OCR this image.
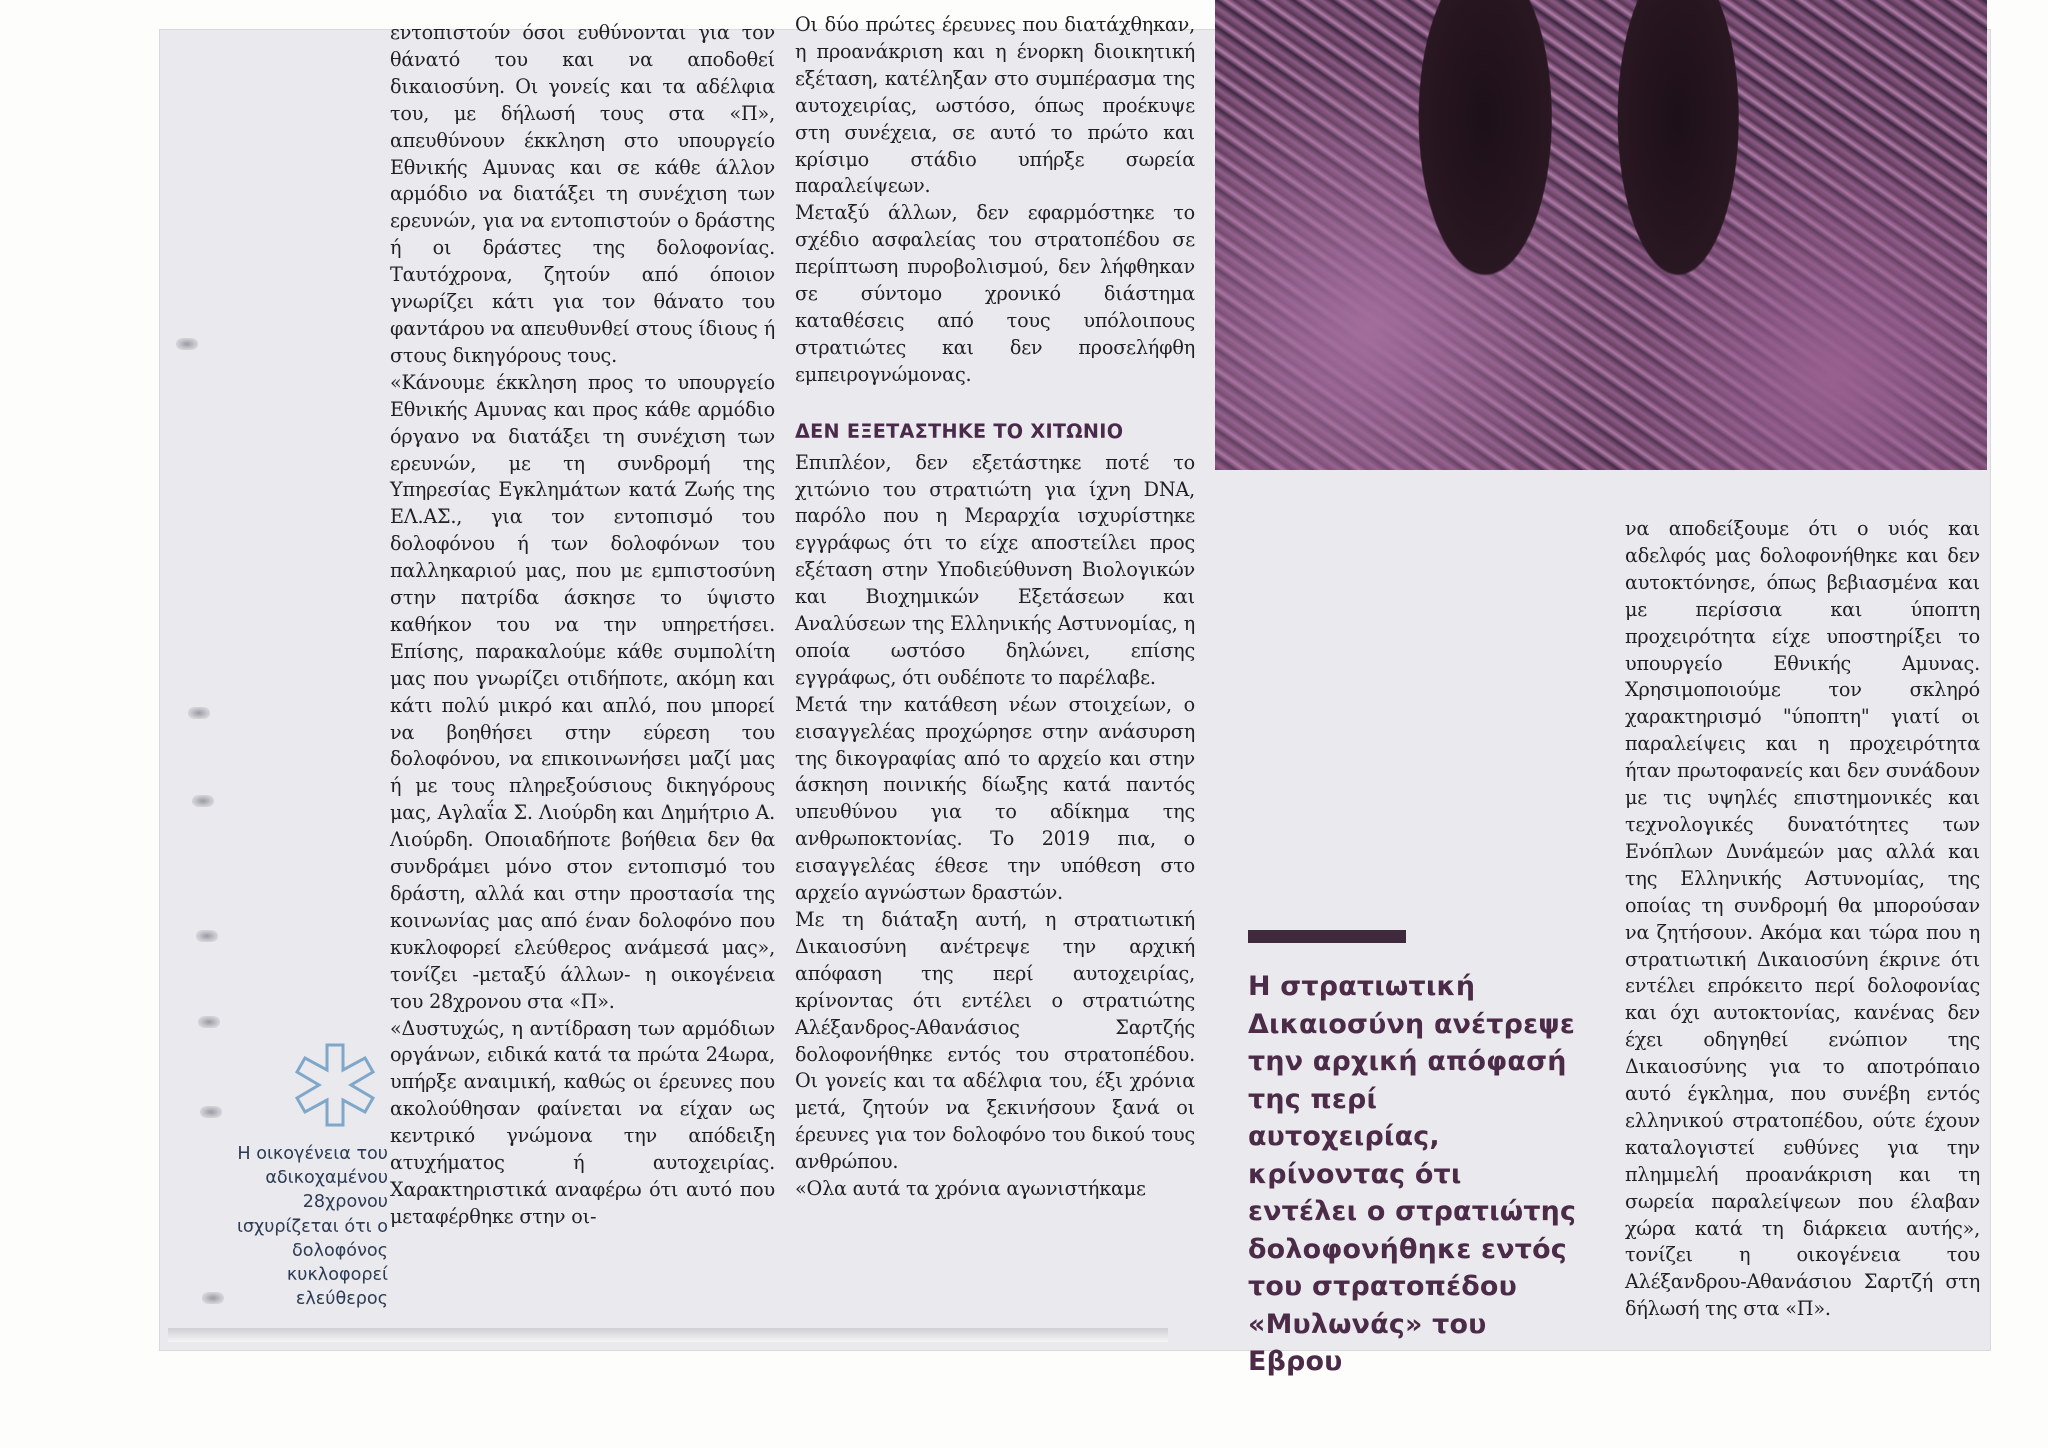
εντοπιστούν όσοι ευθύνονται για τον θάνατό του και να αποδοθεί δικαιοσύνη. Οι γονείς και τα αδέλφια του, με δήλωσή τους στα «Π», απευθύνουν έκκληση στο υπουργείο Εθνικής Αμυνας και σε κάθε άλλον αρμόδιο να διατάξει τη συνέχιση των ερευνών, για να εντοπιστούν ο δράστης ή οι δράστες της δολοφονίας. Ταυτόχρονα, ζητούν από όποιον γνωρίζει κάτι για τον θάνατο του φαντάρου να απευθυνθεί στους ίδιους ή στους δικηγόρους τους.

«Κάνουμε έκκληση προς το υπουργείο Εθνικής Αμυνας και προς κάθε αρμόδιο όργανο να διατάξει τη συνέχιση των ερευνών, με τη συνδρομή της Υπηρεσίας Εγκλημάτων κατά Ζωής της ΕΛ.ΑΣ., για τον εντοπισμό του δολοφόνου ή των δολοφόνων του παλληκαριού μας, που με εμπιστοσύνη στην πατρίδα άσκησε το ύψιστο καθήκον του να την υπηρετήσει. Επίσης, παρακαλούμε κάθε συμπολίτη μας που γνωρίζει οτιδήποτε, ακόμη και κάτι πολύ μικρό και απλό, που μπορεί να βοηθήσει στην εύρεση του δολοφόνου, να επικοινωνήσει μαζί μας ή με τους πληρεξούσιους δικηγόρους μας, Αγλαΐα Σ. Λιούρδη και Δημήτριο Α. Λιούρδη. Οποιαδήποτε βοήθεια δεν θα συνδράμει μόνο στον εντοπισμό του δράστη, αλλά και στην προστασία της κοινωνίας μας από έναν δολοφόνο που κυκλοφορεί ελεύθερος ανάμεσά μας», τονίζει -μεταξύ άλλων- η οικογένεια του 28χρονου στα «Π».

«Δυστυχώς, η αντίδραση των αρμόδιων οργάνων, ειδικά κατά τα πρώτα 24ωρα, υπήρξε αναιμική, καθώς οι έρευνες που ακολούθησαν φαίνεται να είχαν ως κεντρικό γνώμονα την απόδειξη ατυχήματος ή αυτοχειρίας. Χαρακτηριστικά αναφέρω ότι αυτό που μεταφέρθηκε στην οι-

Οι δύο πρώτες έρευνες που διατάχθηκαν, η προανάκριση και η ένορκη διοικητική εξέταση, κατέληξαν στο συμπέρασμα της αυτοχειρίας, ωστόσο, όπως προέκυψε στη συνέχεια, σε αυτό το πρώτο και κρίσιμο στάδιο υπήρξε σωρεία παραλείψεων.

Μεταξύ άλλων, δεν εφαρμόστηκε το σχέδιο ασφαλείας του στρατοπέδου σε περίπτωση πυροβολισμού, δεν λήφθηκαν σε σύντομο χρονικό διάστημα καταθέσεις από τους υπόλοιπους στρατιώτες και δεν προσελήφθη εμπειρογνώμονας.

ΔΕΝ ΕΞΕΤΑΣΤΗΚΕ ΤΟ ΧΙΤΩΝΙΟ

Επιπλέον, δεν εξετάστηκε ποτέ το χιτώνιο του στρατιώτη για ίχνη DNA, παρόλο που η Μεραρχία ισχυρίστηκε εγγράφως ότι το είχε αποστείλει προς εξέταση στην Υποδιεύθυνση Βιολογικών και Βιοχημικών Εξετάσεων και Αναλύσεων της Ελληνικής Αστυνομίας, η οποία ωστόσο δηλώνει, επίσης εγγράφως, ότι ουδέποτε το παρέλαβε.

Μετά την κατάθεση νέων στοιχείων, ο εισαγγελέας προχώρησε στην ανάσυρση της δικογραφίας από το αρχείο και στην άσκηση ποινικής δίωξης κατά παντός υπευθύνου για το αδίκημα της ανθρωποκτονίας. Το 2019 πια, ο εισαγγελέας έθεσε την υπόθεση στο αρχείο αγνώστων δραστών.

Με τη διάταξη αυτή, η στρατιωτική Δικαιοσύνη ανέτρεψε την αρχική απόφαση της περί αυτοχειρίας, κρίνοντας ότι εντέλει ο στρατιώτης Αλέξανδρος-Αθανάσιος Σαρτζής δολοφονήθηκε εντός του στρατοπέδου. Οι γονείς και τα αδέλφια του, έξι χρόνια μετά, ζητούν να ξεκινήσουν ξανά οι έρευνες για τον δολοφόνο του δικού τους ανθρώπου.

«Ολα αυτά τα χρόνια αγωνιστήκαμε

να αποδείξουμε ότι ο υιός και αδελφός μας δολοφονήθηκε και δεν αυτοκτόνησε, όπως βεβιασμένα και με περίσσια και ύποπτη προχειρότητα είχε υποστηρίξει το υπουργείο Εθνικής Αμυνας. Χρησιμοποιούμε τον σκληρό χαρακτηρισμό "ύποπτη" γιατί οι παραλείψεις και η προχειρότητα ήταν πρωτοφανείς και δεν συνάδουν με τις υψηλές επιστημονικές και τεχνολογικές δυνατότητες των Ενόπλων Δυνάμεών μας αλλά και της Ελληνικής Αστυνομίας, της οποίας τη συνδρομή θα μπορούσαν να ζητήσουν. Ακόμα και τώρα που η στρατιωτική Δικαιοσύνη έκρινε ότι εντέλει επρόκειτο περί δολοφονίας και όχι αυτοκτονίας, κανένας δεν έχει οδηγηθεί ενώπιον της Δικαιοσύνης για το αποτρόπαιο αυτό έγκλημα, που συνέβη εντός ελληνικού στρατοπέδου, ούτε έχουν καταλογιστεί ευθύνες για την πλημμελή προανάκριση και τη σωρεία παραλείψεων που έλαβαν χώρα κατά τη διάρκεια αυτής», τονίζει η οικογένεια του Αλέξανδρου-Αθανάσιου Σαρτζή στη δήλωσή της στα «Π».

Η στρατιωτική Δικαιοσύνη ανέτρεψε την αρχική απόφασή της περί αυτοχειρίας, κρίνοντας ότι εντέλει ο στρατιώτης δολοφονήθηκε εντός του στρατοπέδου «Μυλωνάς» του Εβρου
Η οικογένεια του αδικοχαμένου 28χρονου ισχυρίζεται ότι ο δολοφόνος κυκλοφορεί ελεύθερος
